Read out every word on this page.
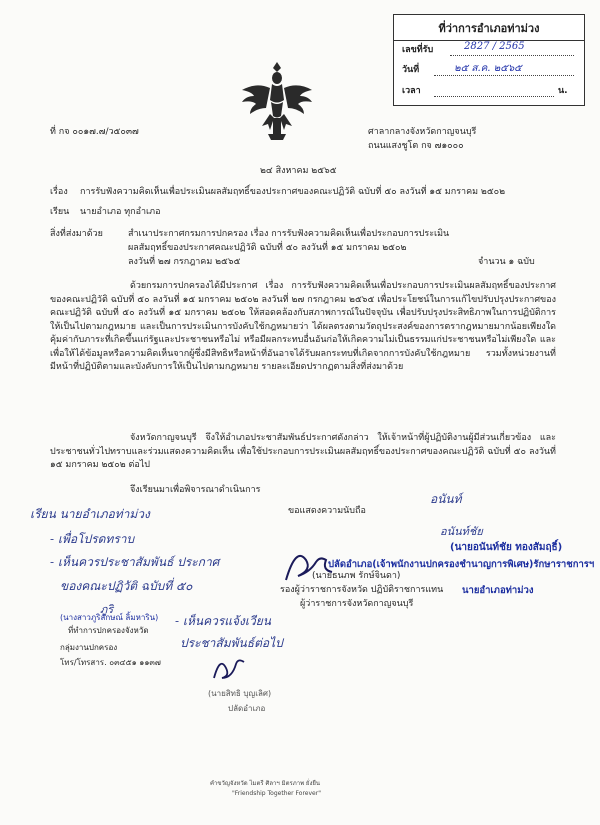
ที่ว่าการอำเภอท่าม่วง
เลขที่รับ	2827 / 2565
วันที่	๒๕ ส.ค. ๒๕๖๕
เวลา	น.
ที่ กจ ๐๐๑๗.๗/ว๕๐๓๗	ศาลากลางจังหวัดกาญจนบุรี
ถนนแสงชูโต กจ ๗๑๐๐๐
๒๔ สิงหาคม ๒๕๖๕
เรื่อง การรับฟังความคิดเห็นเพื่อประเมินผลสัมฤทธิ์ของประกาศของคณะปฏิวัติ ฉบับที่ ๕๐ ลงวันที่ ๑๕ มกราคม ๒๕๐๒
เรียน นายอำเภอ ทุกอำเภอ
สิ่งที่ส่งมาด้วย	สำเนาประกาศกรมการปกครอง เรื่อง การรับฟังความคิดเห็นเพื่อประกอบการประเมิน
ผลสัมฤทธิ์ของประกาศคณะปฏิวัติ ฉบับที่ ๕๐ ลงวันที่ ๑๕ มกราคม ๒๕๐๒
ลงวันที่ ๒๗ กรกฎาคม ๒๕๖๕	จำนวน ๑ ฉบับ
ด้วยกรมการปกครองได้มีประกาศ เรื่อง การรับฟังความคิดเห็นเพื่อประกอบการประเมินผลสัมฤทธิ์ของประกาศของคณะปฏิวัติ ฉบับที่ ๕๐ ลงวันที่ ๑๕ มกราคม ๒๕๐๒ ลงวันที่ ๒๗ กรกฎาคม ๒๕๖๕ เพื่อประโยชน์ในการแก้ไขปรับปรุงประกาศของคณะปฏิวัติ ฉบับที่ ๕๐ ลงวันที่ ๑๕ มกราคม ๒๕๐๒ ให้สอดคล้องกับสภาพการณ์ในปัจจุบัน เพื่อปรับปรุงประสิทธิภาพในการปฏิบัติการให้เป็นไปตามกฎหมาย และเป็นการประเมินการบังคับใช้กฎหมายว่า ได้ผลตรงตามวัตถุประสงค์ของการตรากฎหมายมากน้อยเพียงใด คุ้มค่ากับภาระที่เกิดขึ้นแก่รัฐและประชาชนหรือไม่ หรือมีผลกระทบอื่นอันก่อให้เกิดความไม่เป็นธรรมแก่ประชาชนหรือไม่เพียงใด และเพื่อให้ได้ข้อมูลหรือความคิดเห็นจากผู้ซึ่งมีสิทธิหรือหน้าที่อันอาจได้รับผลกระทบที่เกิดจากการบังคับใช้กฎหมาย รวมทั้งหน่วยงานที่มีหน้าที่ปฏิบัติตามและบังคับการให้เป็นไปตามกฎหมาย รายละเอียดปรากฏตามสิ่งที่ส่งมาด้วย
จังหวัดกาญจนบุรี จึงให้อำเภอประชาสัมพันธ์ประกาศดังกล่าว ให้เจ้าหน้าที่ผู้ปฏิบัติงานผู้มีส่วนเกี่ยวข้อง และประชาชนทั่วไปทราบและร่วมแสดงความคิดเห็น เพื่อใช้ประกอบการประเมินผลสัมฤทธิ์ของประกาศของคณะปฏิวัติ ฉบับที่ ๕๐ ลงวันที่ ๑๕ มกราคม ๒๕๐๒ ต่อไป
จึงเรียนมาเพื่อพิจารณาดำเนินการ
เรียน นายอำเภอท่าม่วง
- เพื่อโปรดทราบ
- เห็นควรประชาสัมพันธ์ ประกาศ
ของคณะปฏิวัติ ฉบับที่ ๕๐
ภูริ
- เห็นควรแจ้งเวียน
ประชาสัมพันธ์ต่อไป
อนันท์
ขอแสดงความนับถือ
อนันท์ชัย
(นายอนันท์ชัย ทองสัมฤธิ์)
ปลัดอำเภอ(เจ้าพนักงานปกครองชำนาญการพิเศษ)รักษาราชการฯ
(นายธนภพ รักษ์จินดา)
รองผู้ว่าราชการจังหวัด ปฏิบัติราชการแทน นายอำเภอท่าม่วง
ผู้ว่าราชการจังหวัดกาญจนบุรี
(นางสาวภูริลักษณ์ ลิ้มหาริน)
ที่ทำการปกครองจังหวัด
กลุ่มงานปกครอง
โทร/โทรสาร. ๐๓๔๕๑ ๑๑๓๗
(นายสิทธิ บุญเลิศ)
ปลัดอำเภอ
คำขวัญจังหวัด ไมตรี ศิลาฯ มิตรภาพ ยั่งยืน
"Friendship Together Forever"
